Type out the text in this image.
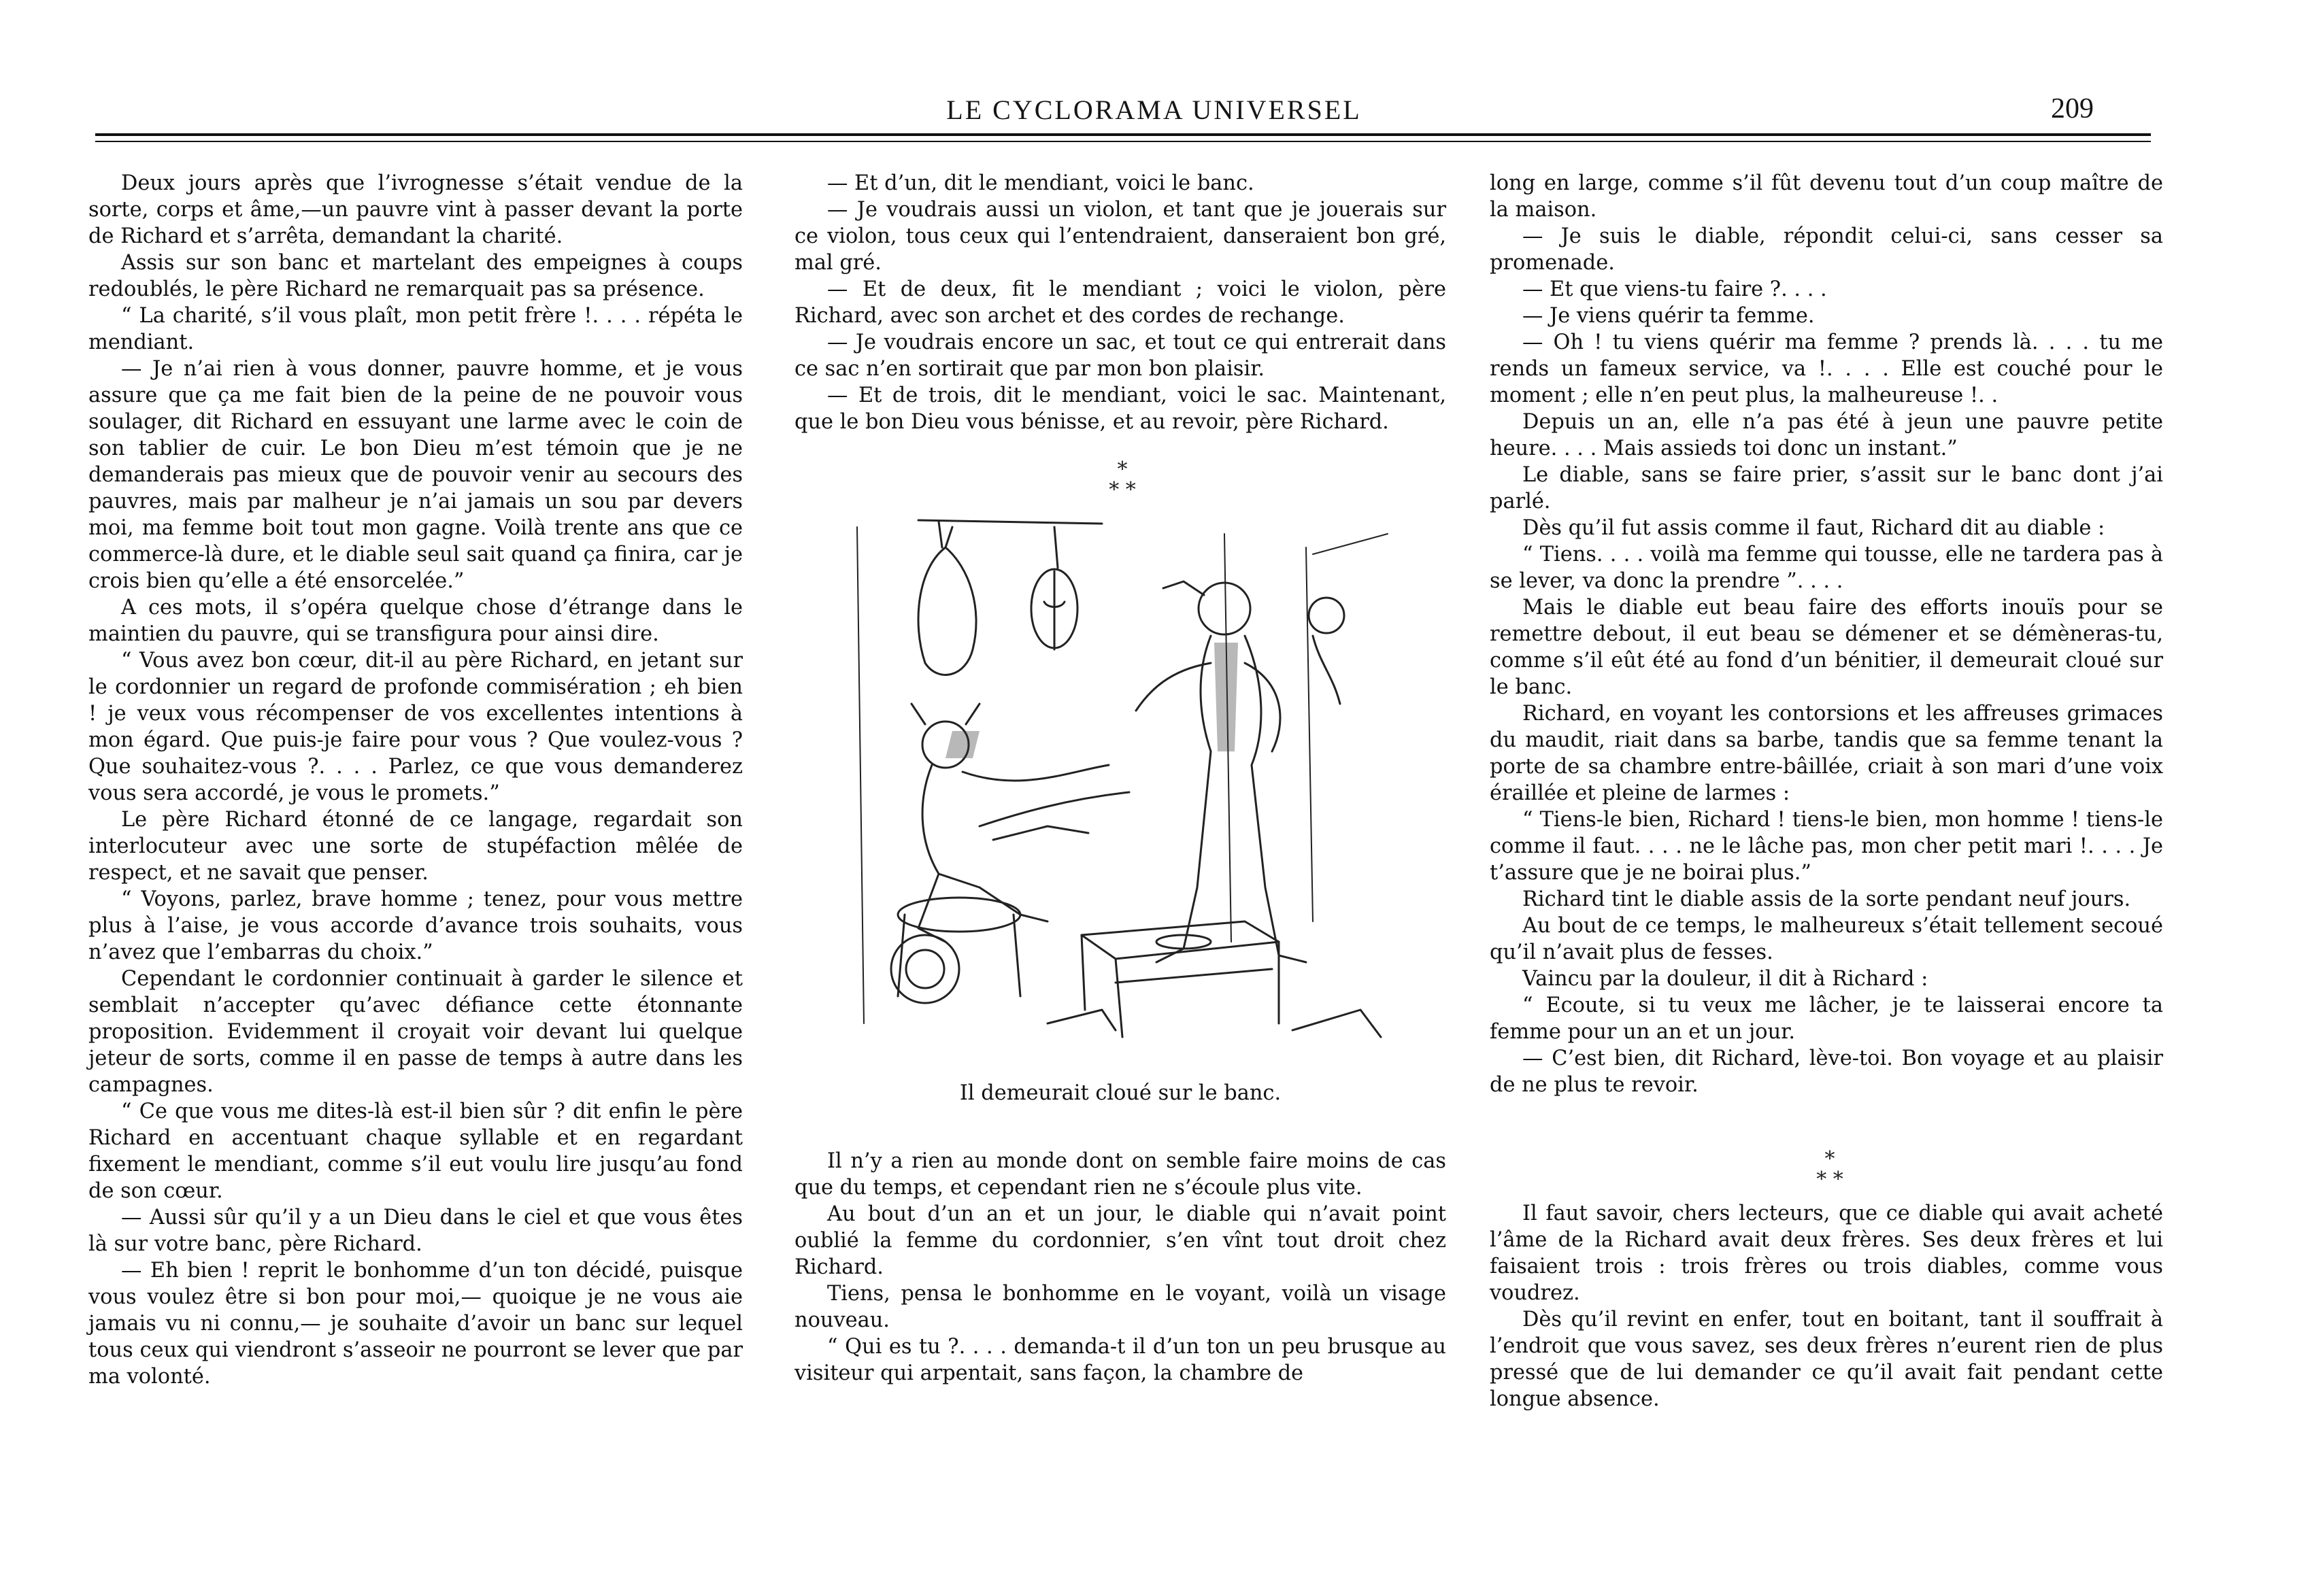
LE CYCLORAMA UNIVERSEL	209

Deux jours après que l’ivrognesse s’était vendue de la sorte, corps et âme,—un pauvre vint à passer devant la porte de Richard et s’arrêta, demandant la charité.

Assis sur son banc et martelant des empeignes à coups redoublés, le père Richard ne remarquait pas sa présence.

“ La charité, s’il vous plaît, mon petit frère !. . . . répéta le mendiant.

— Je n’ai rien à vous donner, pauvre homme, et je vous assure que ça me fait bien de la peine de ne pouvoir vous soulager, dit Richard en essuyant une larme avec le coin de son tablier de cuir. Le bon Dieu m’est témoin que je ne demanderais pas mieux que de pouvoir venir au secours des pauvres, mais par malheur je n’ai jamais un sou par devers moi, ma femme boit tout mon gagne. Voilà trente ans que ce commerce-là dure, et le diable seul sait quand ça finira, car je crois bien qu’elle a été ensorcelée.”

A ces mots, il s’opéra quelque chose d’étrange dans le maintien du pauvre, qui se transfigura pour ainsi dire.

“ Vous avez bon cœur, dit-il au père Richard, en jetant sur le cordonnier un regard de profonde commisération ; eh bien ! je veux vous récompenser de vos excellentes intentions à mon égard. Que puis-je faire pour vous ? Que voulez-vous ? Que souhaitez-vous ?. . . . Parlez, ce que vous demanderez vous sera accordé, je vous le promets.”

Le père Richard étonné de ce langage, regardait son interlocuteur avec une sorte de stupéfaction mêlée de respect, et ne savait que penser.

“ Voyons, parlez, brave homme ; tenez, pour vous mettre plus à l’aise, je vous accorde d’avance trois souhaits, vous n’avez que l’embarras du choix.”

Cependant le cordonnier continuait à garder le silence et semblait n’accepter qu’avec défiance cette étonnante proposition. Evidemment il croyait voir devant lui quelque jeteur de sorts, comme il en passe de temps à autre dans les campagnes.

“ Ce que vous me dites-là est-il bien sûr ? dit enfin le père Richard en accentuant chaque syllable et en regardant fixement le mendiant, comme s’il eut voulu lire jusqu’au fond de son cœur.

— Aussi sûr qu’il y a un Dieu dans le ciel et que vous êtes là sur votre banc, père Richard.

— Eh bien ! reprit le bonhomme d’un ton décidé, puisque vous voulez être si bon pour moi,— quoique je ne vous aie jamais vu ni connu,— je souhaite d’avoir un banc sur lequel tous ceux qui viendront s’asseoir ne pourront se lever que par ma volonté.

— Et d’un, dit le mendiant, voici le banc.

— Je voudrais aussi un violon, et tant que je jouerais sur ce violon, tous ceux qui l’entendraient, danseraient bon gré, mal gré.

— Et de deux, fit le mendiant ; voici le violon, père Richard, avec son archet et des cordes de rechange.

— Je voudrais encore un sac, et tout ce qui entrerait dans ce sac n’en sortirait que par mon bon plaisir.

— Et de trois, dit le mendiant, voici le sac. Maintenant, que le bon Dieu vous bénisse, et au revoir, père Richard.

*
* *
Il demeurait cloué sur le banc.

Il n’y a rien au monde dont on semble faire moins de cas que du temps, et cependant rien ne s’écoule plus vite.

Au bout d’un an et un jour, le diable qui n’avait point oublié la femme du cordonnier, s’en vînt tout droit chez Richard.

Tiens, pensa le bonhomme en le voyant, voilà un visage nouveau.

“ Qui es tu ?. . . . demanda-t il d’un ton un peu brusque au visiteur qui arpentait, sans façon, la chambre de

long en large, comme s’il fût devenu tout d’un coup maître de la maison.

— Je suis le diable, répondit celui-ci, sans cesser sa promenade.

— Et que viens-tu faire ?. . . .

— Je viens quérir ta femme.

— Oh ! tu viens quérir ma femme ? prends là. . . . tu me rends un fameux service, va !. . . . Elle est couché pour le moment ; elle n’en peut plus, la malheureuse !. .

Depuis un an, elle n’a pas été à jeun une pauvre petite heure. . . . Mais assieds toi donc un instant.”

Le diable, sans se faire prier, s’assit sur le banc dont j’ai parlé.

Dès qu’il fut assis comme il faut, Richard dit au diable :

“ Tiens. . . . voilà ma femme qui tousse, elle ne tardera pas à se lever, va donc la prendre ”. . . .

Mais le diable eut beau faire des efforts inouïs pour se remettre debout, il eut beau se démener et se démèneras-tu, comme s’il eût été au fond d’un bénitier, il demeurait cloué sur le banc.

Richard, en voyant les contorsions et les affreuses grimaces du maudit, riait dans sa barbe, tandis que sa femme tenant la porte de sa chambre entre-bâillée, criait à son mari d’une voix éraillée et pleine de larmes :

“ Tiens-le bien, Richard ! tiens-le bien, mon homme ! tiens-le comme il faut. . . . ne le lâche pas, mon cher petit mari !. . . . Je t’assure que je ne boirai plus.”

Richard tint le diable assis de la sorte pendant neuf jours.

Au bout de ce temps, le malheureux s’était tellement secoué qu’il n’avait plus de fesses.

Vaincu par la douleur, il dit à Richard :

“ Ecoute, si tu veux me lâcher, je te laisserai encore ta femme pour un an et un jour.

— C’est bien, dit Richard, lève-toi. Bon voyage et au plaisir de ne plus te revoir.

*
* *

Il faut savoir, chers lecteurs, que ce diable qui avait acheté l’âme de la Richard avait deux frères. Ses deux frères et lui faisaient trois : trois frères ou trois diables, comme vous voudrez.

Dès qu’il revint en enfer, tout en boitant, tant il souffrait à l’endroit que vous savez, ses deux frères n’eurent rien de plus pressé que de lui demander ce qu’il avait fait pendant cette longue absence.
